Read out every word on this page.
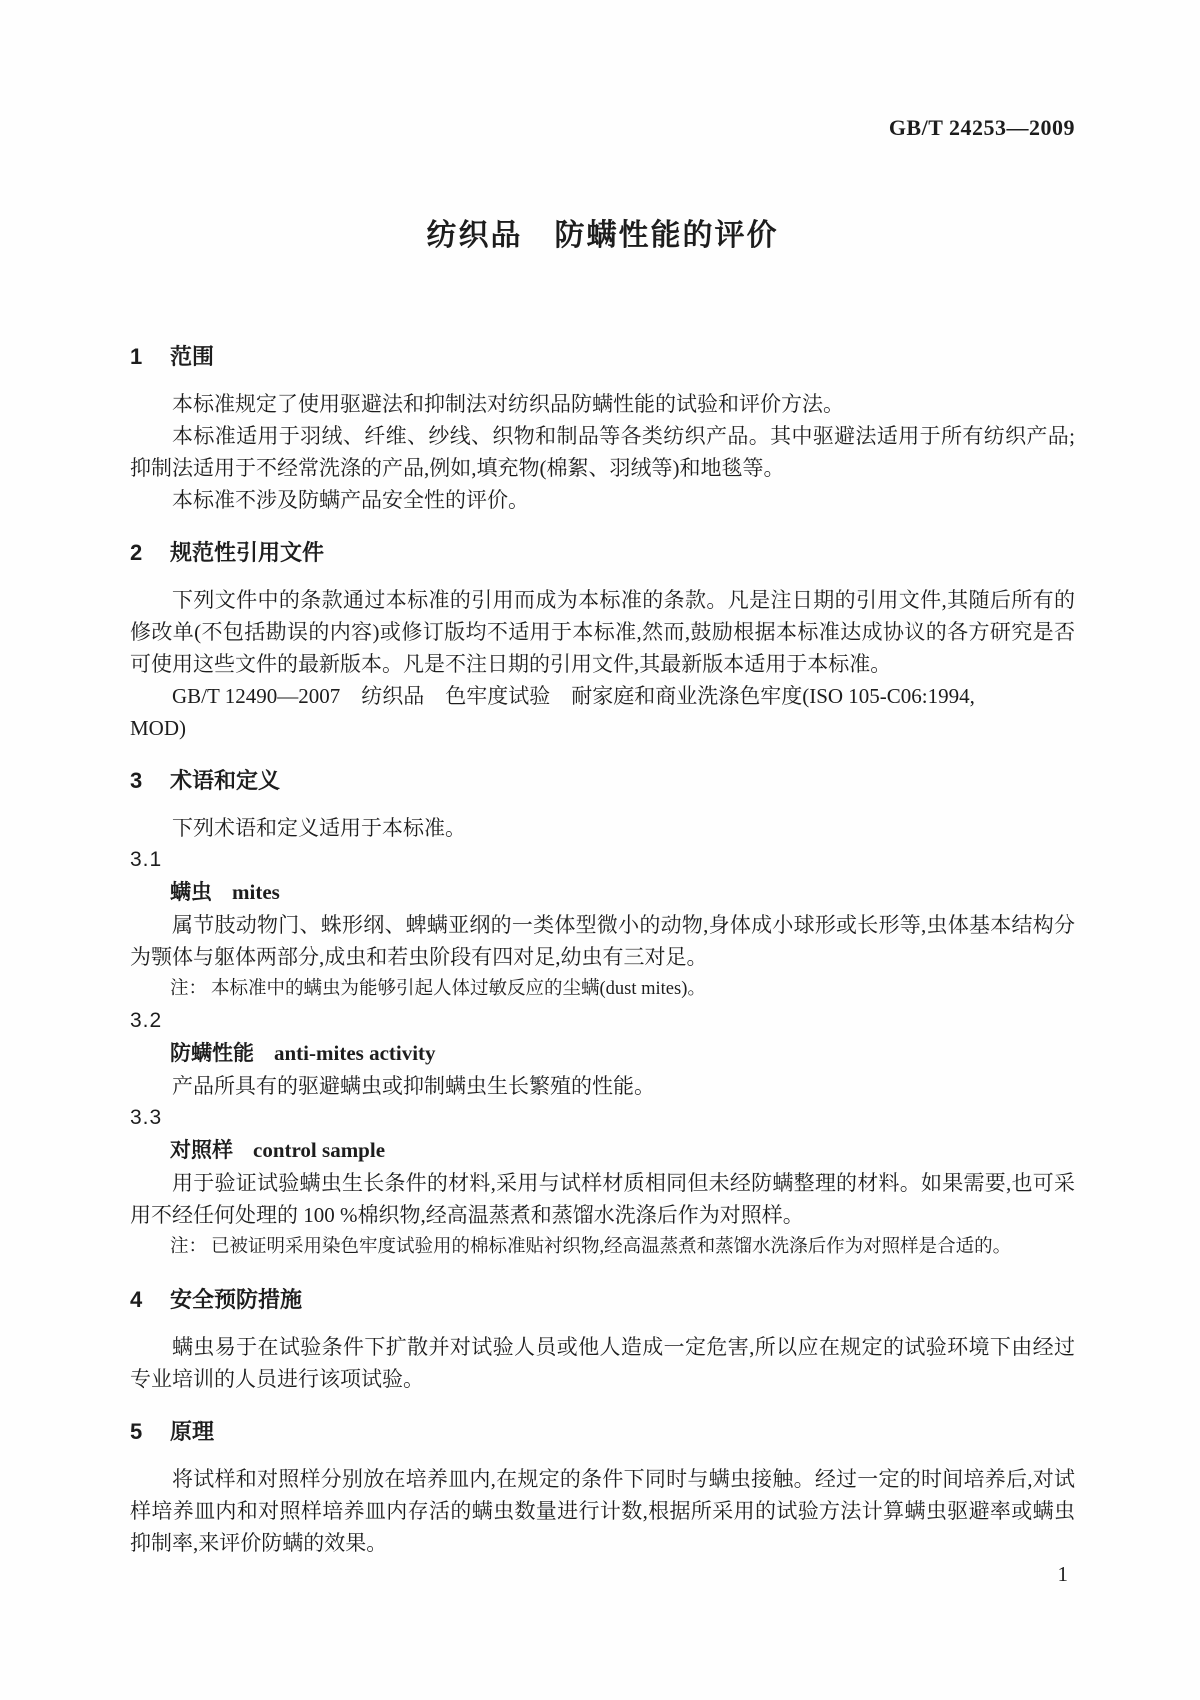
GB/T 24253—2009
纺织品　防螨性能的评价
1 范围

本标准规定了使用驱避法和抑制法对纺织品防螨性能的试验和评价方法。

本标准适用于羽绒、纤维、纱线、织物和制品等各类纺织产品。其中驱避法适用于所有纺织产品;抑制法适用于不经常洗涤的产品,例如,填充物(棉絮、羽绒等)和地毯等。

本标准不涉及防螨产品安全性的评价。

2 规范性引用文件

下列文件中的条款通过本标准的引用而成为本标准的条款。凡是注日期的引用文件,其随后所有的修改单(不包括勘误的内容)或修订版均不适用于本标准,然而,鼓励根据本标准达成协议的各方研究是否可使用这些文件的最新版本。凡是不注日期的引用文件,其最新版本适用于本标准。

GB/T 12490—2007　纺织品　色牢度试验　耐家庭和商业洗涤色牢度(ISO 105-C06:1994,

MOD)

3 术语和定义

下列术语和定义适用于本标准。

3.1
螨虫 mites

属节肢动物门、蛛形纲、蜱螨亚纲的一类体型微小的动物,身体成小球形或长形等,虫体基本结构分为颚体与躯体两部分,成虫和若虫阶段有四对足,幼虫有三对足。

注： 本标准中的螨虫为能够引起人体过敏反应的尘螨(dust mites)。
3.2
防螨性能 anti-mites activity

产品所具有的驱避螨虫或抑制螨虫生长繁殖的性能。

3.3
对照样 control sample

用于验证试验螨虫生长条件的材料,采用与试样材质相同但未经防螨整理的材料。如果需要,也可采用不经任何处理的 100 %棉织物,经高温蒸煮和蒸馏水洗涤后作为对照样。

注： 已被证明采用染色牢度试验用的棉标准贴衬织物,经高温蒸煮和蒸馏水洗涤后作为对照样是合适的。
4 安全预防措施

螨虫易于在试验条件下扩散并对试验人员或他人造成一定危害,所以应在规定的试验环境下由经过专业培训的人员进行该项试验。

5 原理

将试样和对照样分别放在培养皿内,在规定的条件下同时与螨虫接触。经过一定的时间培养后,对试样培养皿内和对照样培养皿内存活的螨虫数量进行计数,根据所采用的试验方法计算螨虫驱避率或螨虫抑制率,来评价防螨的效果。

1
